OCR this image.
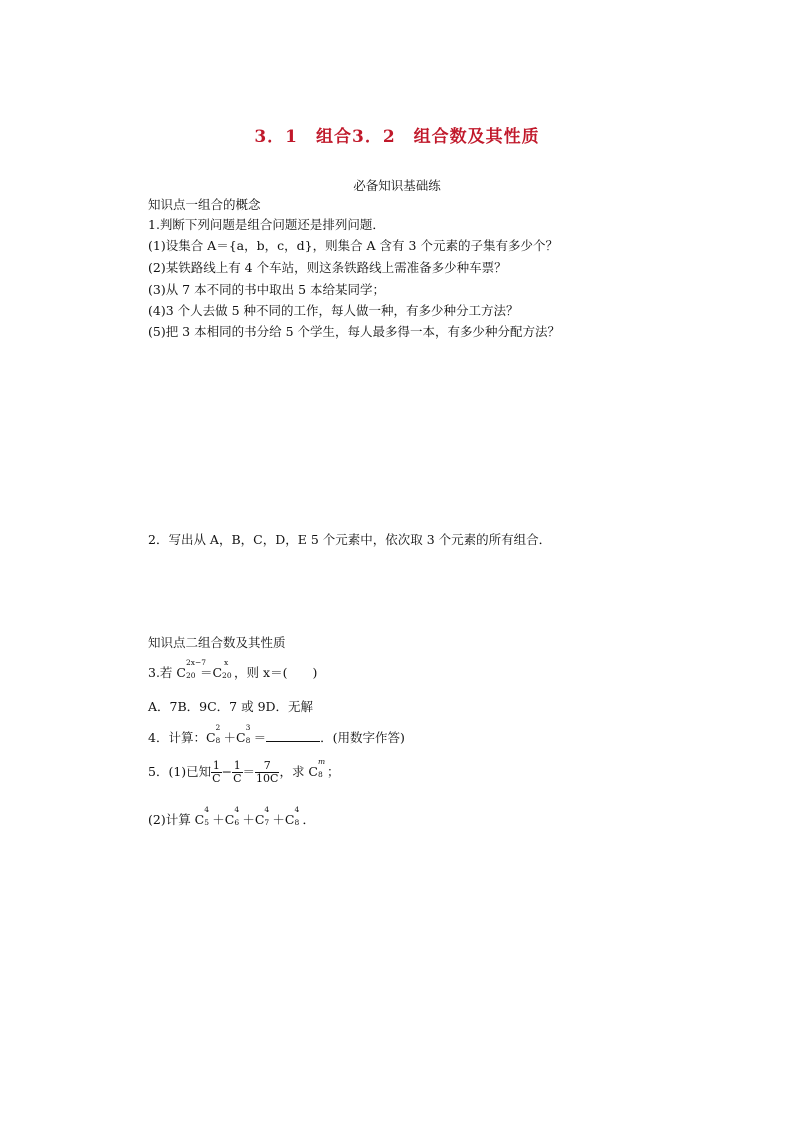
3．1　组合3．2　组合数及其性质
必备知识基础练
知识点一组合的概念
1.判断下列问题是组合问题还是排列问题．
(1)设集合 A＝{a，b，c，d}，则集合 A 含有 3 个元素的子集有多少个？
(2)某铁路线上有 4 个车站，则这条铁路线上需准备多少种车票？
(3)从 7 本不同的书中取出 5 本给某同学；
(4)3 个人去做 5 种不同的工作，每人做一种，有多少种分工方法？
(5)把 3 本相同的书分给 5 个学生，每人最多得一本，有多少种分配方法？
2．写出从 A，B，C，D，E 5 个元素中，依次取 3 个元素的所有组合．
知识点二组合数及其性质
3.若 C
2x−7
20 ＝C
x
20 ，则 x＝(　　)
A．7B．9C．7 或 9D．无解
4．计算：C
2
8 ＋C
3
8 ＝	．(用数字作答)
5．(1)已知 $\frac{1}{C} - \frac{1}{C} = \frac{7}{10C}$ ，求 C
m
8 ；
(2)计算 C
4
5 ＋C
4
6 ＋C
4
7 ＋C
4
8 ．
